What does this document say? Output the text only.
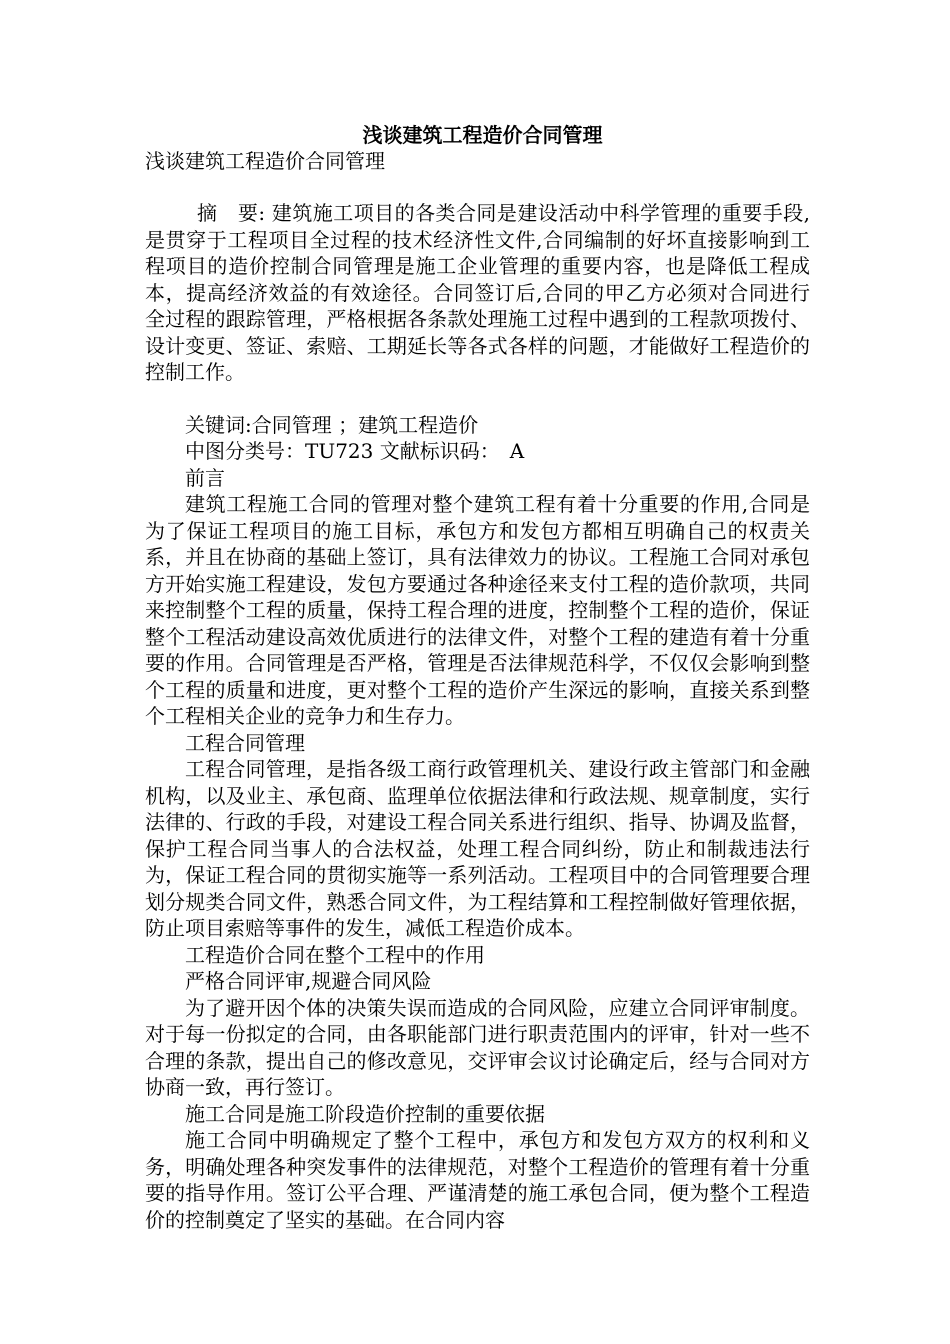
浅谈建筑工程造价合同管理

浅谈建筑工程造价合同管理

摘　要: 建筑施工项目的各类合同是建设活动中科学管理的重要手段,是贯穿于工程项目全过程的技术经济性文件,合同编制的好坏直接影响到工程项目的造价控制合同管理是施工企业管理的重要内容，也是降低工程成本，提高经济效益的有效途径。合同签订后,合同的甲乙方必须对合同进行全过程的跟踪管理，严格根据各条款处理施工过程中遇到的工程款项拨付、设计变更、签证、索赔、工期延长等各式各样的问题，才能做好工程造价的控制工作。

关键词:合同管理 ；建筑工程造价

中图分类号：TU723 文献标识码：　A

前言

建筑工程施工合同的管理对整个建筑工程有着十分重要的作用,合同是为了保证工程项目的施工目标，承包方和发包方都相互明确自己的权责关系，并且在协商的基础上签订，具有法律效力的协议。工程施工合同对承包方开始实施工程建设，发包方要通过各种途径来支付工程的造价款项，共同来控制整个工程的质量，保持工程合理的进度，控制整个工程的造价，保证整个工程活动建设高效优质进行的法律文件，对整个工程的建造有着十分重要的作用。合同管理是否严格，管理是否法律规范科学，不仅仅会影响到整个工程的质量和进度，更对整个工程的造价产生深远的影响，直接关系到整个工程相关企业的竞争力和生存力。

工程合同管理

工程合同管理，是指各级工商行政管理机关、建设行政主管部门和金融机构，以及业主、承包商、监理单位依据法律和行政法规、规章制度，实行法律的、行政的手段，对建设工程合同关系进行组织、指导、协调及监督，保护工程合同当事人的合法权益，处理工程合同纠纷，防止和制裁违法行为，保证工程合同的贯彻实施等一系列活动。工程项目中的合同管理要合理划分规类合同文件，熟悉合同文件，为工程结算和工程控制做好管理依据，防止项目索赔等事件的发生，减低工程造价成本。

工程造价合同在整个工程中的作用

严格合同评审,规避合同风险

为了避开因个体的决策失误而造成的合同风险，应建立合同评审制度。对于每一份拟定的合同，由各职能部门进行职责范围内的评审，针对一些不合理的条款，提出自己的修改意见，交评审会议讨论确定后，经与合同对方协商一致，再行签订。

施工合同是施工阶段造价控制的重要依据

施工合同中明确规定了整个工程中，承包方和发包方双方的权利和义务，明确处理各种突发事件的法律规范，对整个工程造价的管理有着十分重要的指导作用。签订公平合理、严谨清楚的施工承包合同，便为整个工程造价的控制奠定了坚实的基础。在合同内容
